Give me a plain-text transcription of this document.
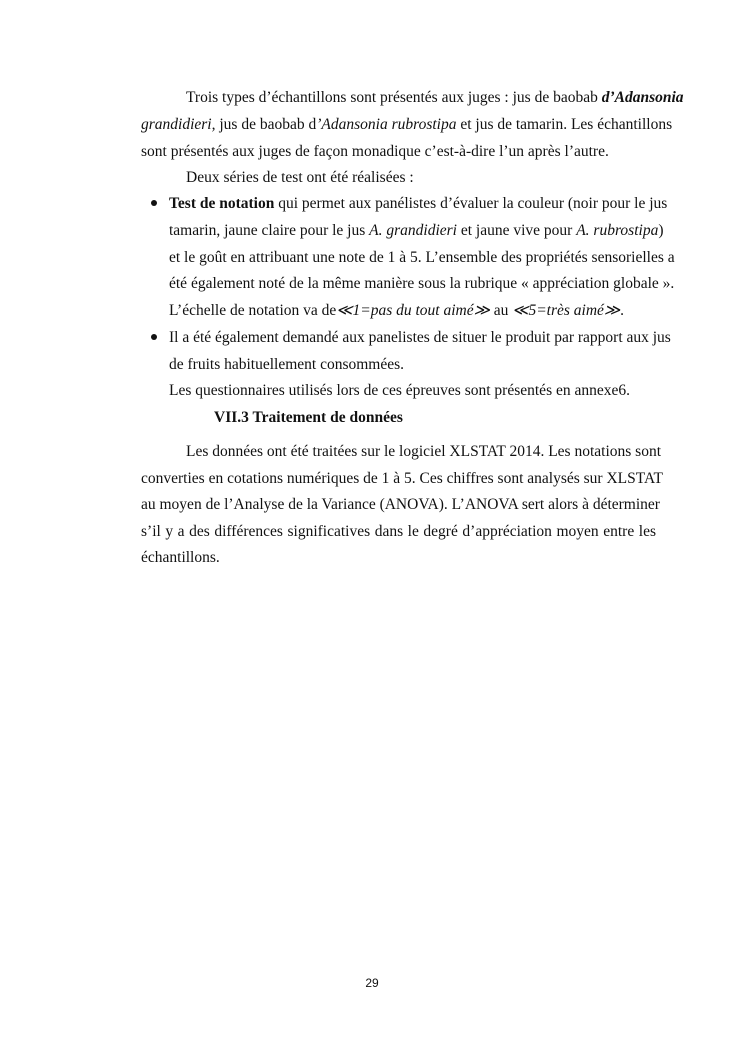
Trois types d’échantillons sont présentés aux juges : jus de baobab d’Adansonia
grandidieri, jus de baobab d’Adansonia rubrostipa et jus de tamarin. Les échantillons
sont présentés aux juges de façon monadique c’est-à-dire l’un après l’autre.
Deux séries de test ont été réalisées :
Test de notation qui permet aux panélistes d’évaluer la couleur (noir pour le jus
tamarin, jaune claire pour le jus A. grandidieri et jaune vive pour A. rubrostipa)
et le goût en attribuant une note de 1 à 5. L’ensemble des propriétés sensorielles a
été également noté de la même manière sous la rubrique « appréciation globale ».
L’échelle de notation va de≪1=pas du tout aimé≫ au ≪5=très aimé≫.
Il a été également demandé aux panelistes de situer le produit par rapport aux jus
de fruits habituellement consommées.
Les questionnaires utilisés lors de ces épreuves sont présentés en annexe6.
VII.3 Traitement de données
Les données ont été traitées sur le logiciel XLSTAT 2014. Les notations sont
converties en cotations numériques de 1 à 5. Ces chiffres sont analysés sur XLSTAT
au moyen de l’Analyse de la Variance (ANOVA). L’ANOVA sert alors à déterminer
s’il y a des différences significatives dans le degré d’appréciation moyen entre les
échantillons.
29
